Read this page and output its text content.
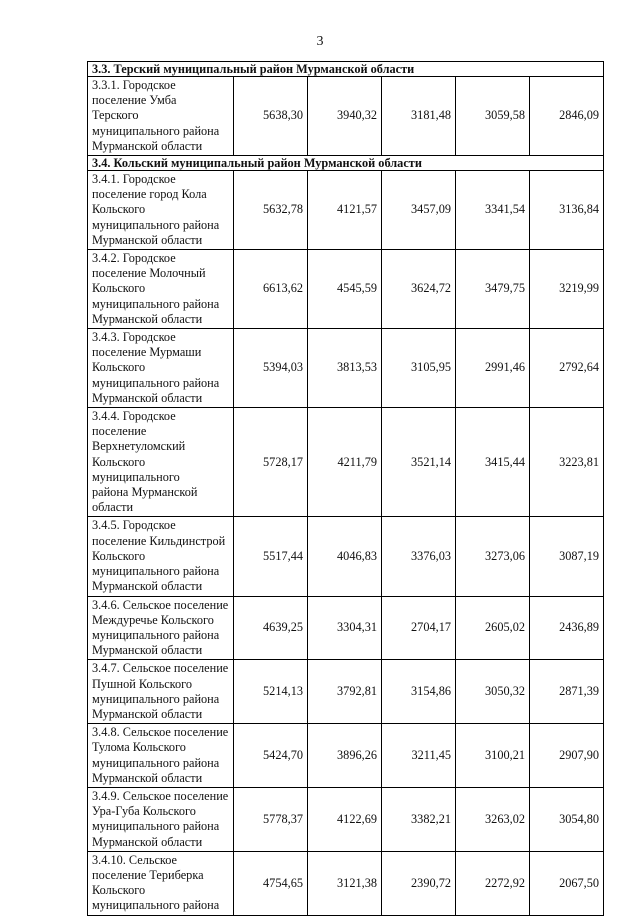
3
3.3. Терский муниципальный район Мурманской области					
3.3.1. Городское
поселение Умба
Терского муниципального района
Мурманской области	5638,30	3940,32	3181,48	3059,58	2846,09
3.4. Кольский муниципальный район Мурманской области					
3.4.1. Городское
поселение город Кола
Кольского
муниципального района
Мурманской области	5632,78	4121,57	3457,09	3341,54	3136,84
3.4.2. Городское
поселение Молочный
Кольского
муниципального района
Мурманской области	6613,62	4545,59	3624,72	3479,75	3219,99
3.4.3. Городское
поселение Мурмаши
Кольского
муниципального района
Мурманской области	5394,03	3813,53	3105,95	2991,46	2792,64
3.4.4. Городское
поселение
Верхнетуломский
Кольского муниципального
района Мурманской области	5728,17	4211,79	3521,14	3415,44	3223,81
3.4.5. Городское
поселение Кильдинстрой
Кольского
муниципального района
Мурманской области	5517,44	4046,83	3376,03	3273,06	3087,19
3.4.6. Сельское поселение
Междуречье Кольского
муниципального района
Мурманской области	4639,25	3304,31	2704,17	2605,02	2436,89
3.4.7. Сельское поселение
Пушной Кольского
муниципального района
Мурманской области	5214,13	3792,81	3154,86	3050,32	2871,39
3.4.8. Сельское поселение
Тулома Кольского
муниципального района
Мурманской области	5424,70	3896,26	3211,45	3100,21	2907,90
3.4.9. Сельское поселение
Ура-Губа Кольского
муниципального района
Мурманской области	5778,37	4122,69	3382,21	3263,02	3054,80
3.4.10. Сельское
поселение Териберка
Кольского
муниципального района	4754,65	3121,38	2390,72	2272,92	2067,50
